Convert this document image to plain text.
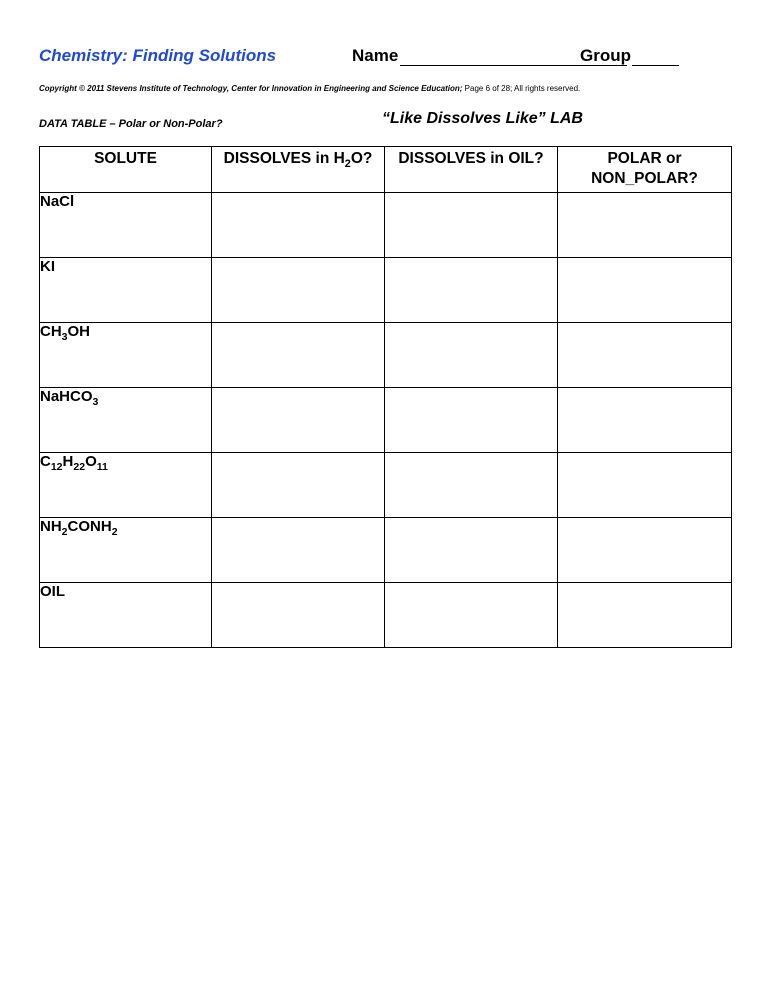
Chemistry: Finding Solutions	Name	Group
Copyright © 2011 Stevens Institute of Technology, Center for Innovation in Engineering and Science Education; Page 6 of 28; All rights reserved.
DATA TABLE – Polar or Non-Polar?	“Like Dissolves Like” LAB
SOLUTE	DISSOLVES in $H_2O$?	DISSOLVES in OIL?	POLAR or
NON_POLAR?
NaCl			
KI			
$CH_3OH$			
NaHCO$_3$			
$C_{12}H_{22}O_{11}$			
$NH_2CONH_2$			
OIL			
